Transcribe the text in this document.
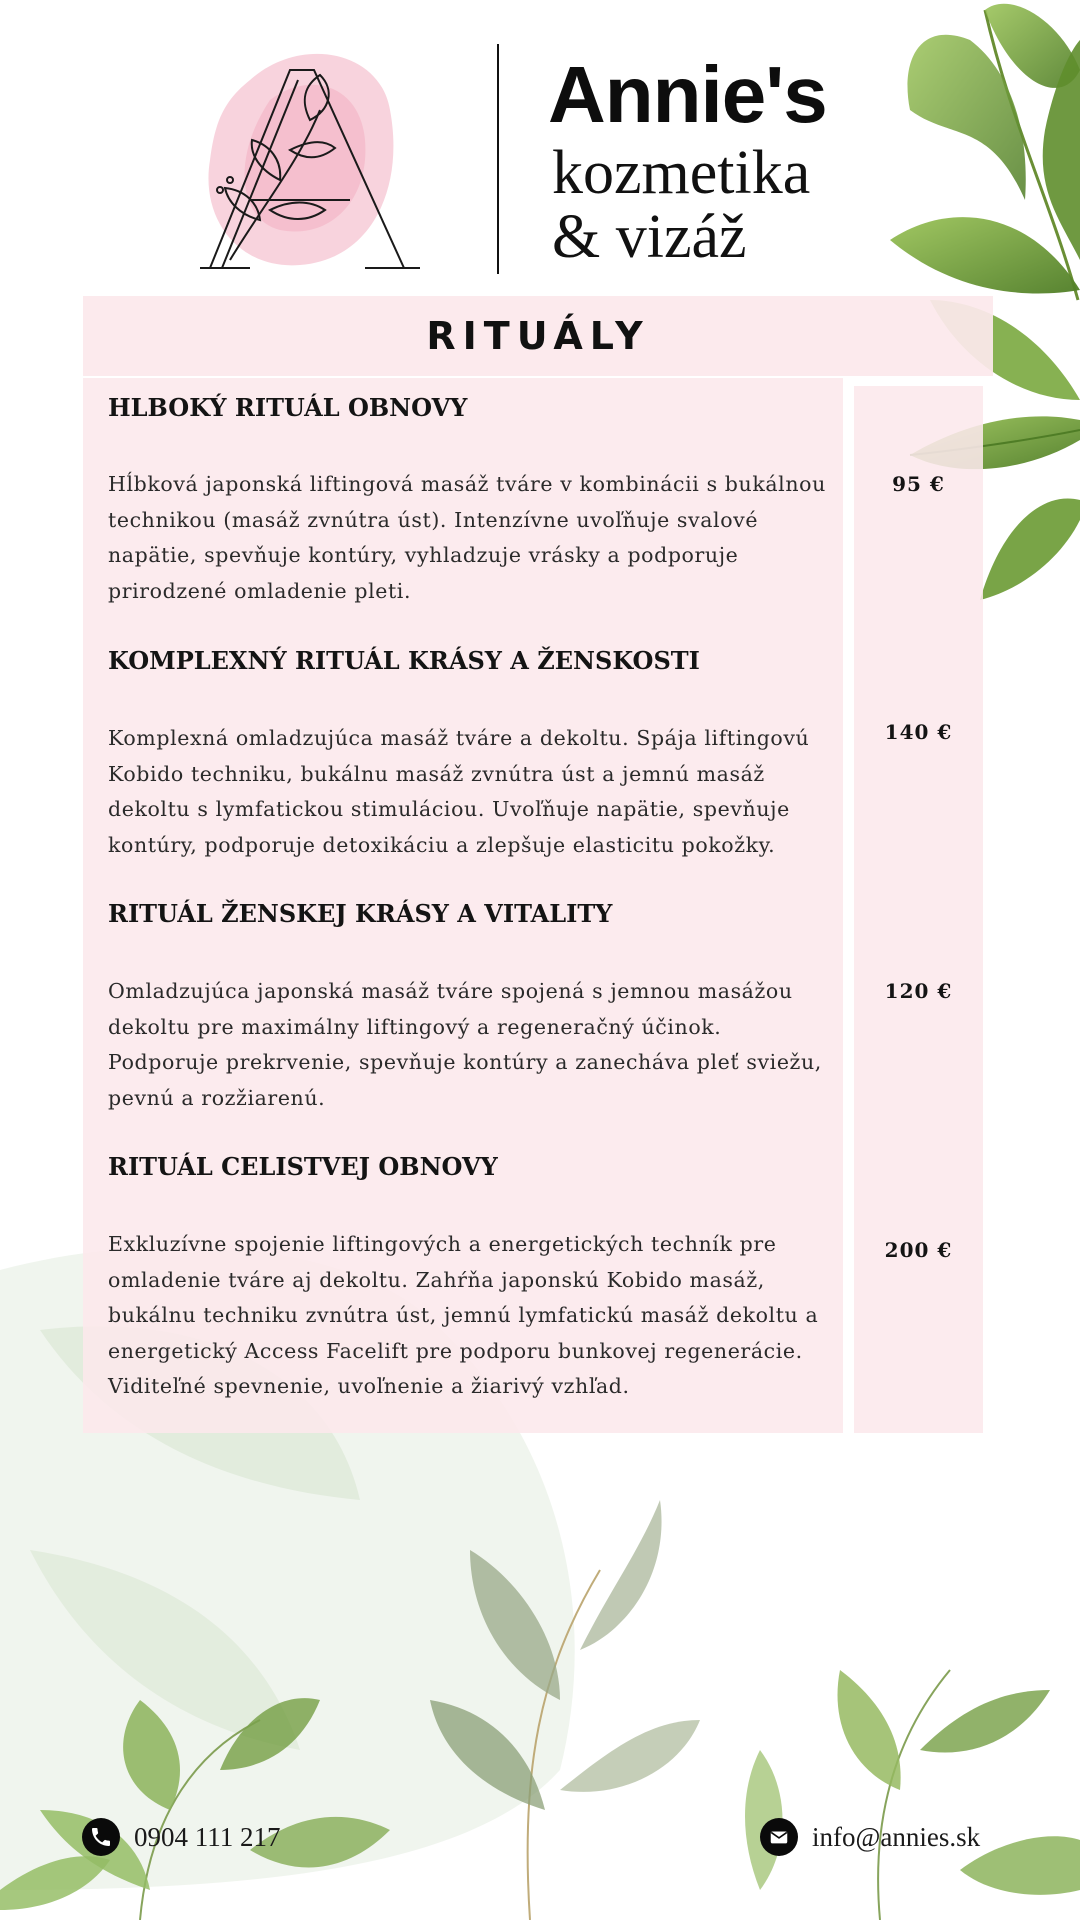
Annie's

kozmetika

& vizáž

RITUÁLY
HLBOKÝ RITUÁL OBNOVY

Hĺbková japonská liftingová masáž tváre v kombinácii s bukálnou technikou (masáž zvnútra úst). Intenzívne uvoľňuje svalové napätie, spevňuje kontúry, vyhladzuje vrásky a podporuje prirodzené omladenie pleti.

95 €

KOMPLEXNÝ RITUÁL KRÁSY A ŽENSKOSTI

Komplexná omladzujúca masáž tváre a dekoltu. Spája liftingovú Kobido techniku, bukálnu masáž zvnútra úst a jemnú masáž dekoltu s lymfatickou stimuláciou. Uvoľňuje napätie, spevňuje kontúry, podporuje detoxikáciu a zlepšuje elasticitu pokožky.

140 €

RITUÁL ŽENSKEJ KRÁSY A VITALITY

Omladzujúca japonská masáž tváre spojená s jemnou masážou dekoltu pre maximálny liftingový a regeneračný účinok. Podporuje prekrvenie, spevňuje kontúry a zanecháva pleť sviežu, pevnú a rozžiarenú.

120 €

RITUÁL CELISTVEJ OBNOVY

Exkluzívne spojenie liftingových a energetických techník pre omladenie tváre aj dekoltu. Zahŕňa japonskú Kobido masáž, bukálnu techniku zvnútra úst, jemnú lymfatickú masáž dekoltu a energetický Access Facelift pre podporu bunkovej regenerácie. Viditeľné spevnenie, uvoľnenie a žiarivý vzhľad.

200 €

0904 111 217	info@annies.sk
